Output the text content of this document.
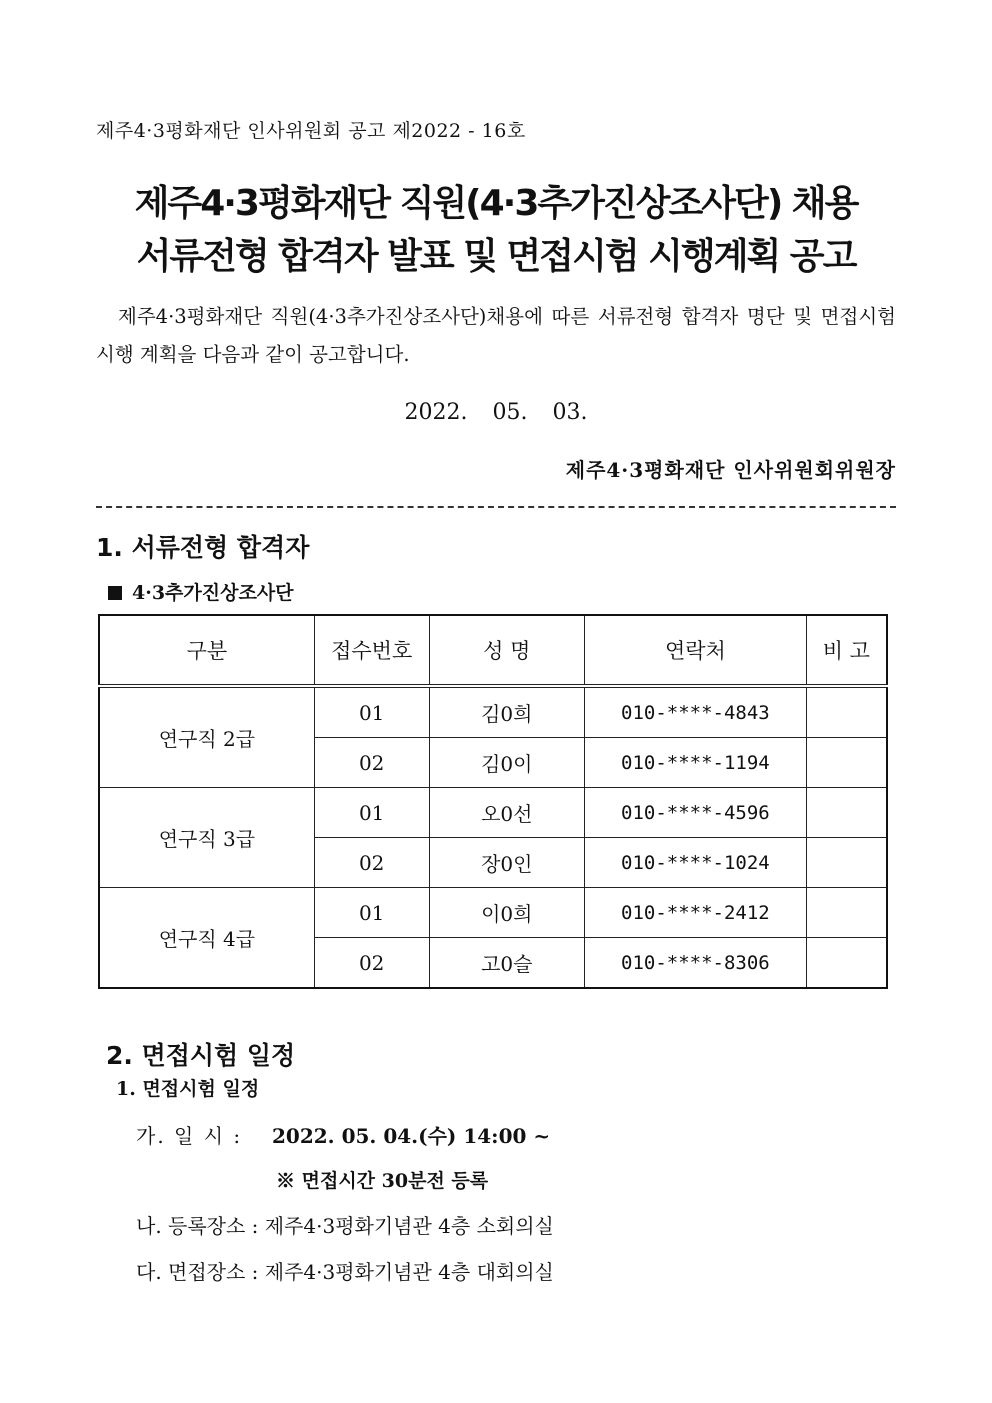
제주4·3평화재단 인사위원회 공고 제2022 - 16호
제주4·3평화재단 직원(4·3추가진상조사단) 채용
서류전형 합격자 발표 및 면접시험 시행계획 공고
제주4·3평화재단 직원(4·3추가진상조사단)채용에 따른 서류전형 합격자 명단 및 면접시험 시행 계획을 다음과 같이 공고합니다.
2022. 05. 03.
제주4·3평화재단 인사위원회위원장
1. 서류전형 합격자
4·3추가진상조사단
구분	접수번호	성 명	연락처	비 고
연구직 2급	01	김0희	010-****-4843	
	02	김0이	010-****-1194	
연구직 3급	01	오0선	010-****-4596	
	02	장0인	010-****-1024	
연구직 4급	01	이0희	010-****-2412	
	02	고0슬	010-****-8306	
2. 면접시험 일정
1. 면접시험 일정
가. 일 시 : 2022. 05. 04.(수) 14:00 ~
※ 면접시간 30분전 등록
나. 등록장소 : 제주4·3평화기념관 4층 소회의실
다. 면접장소 : 제주4·3평화기념관 4층 대회의실
